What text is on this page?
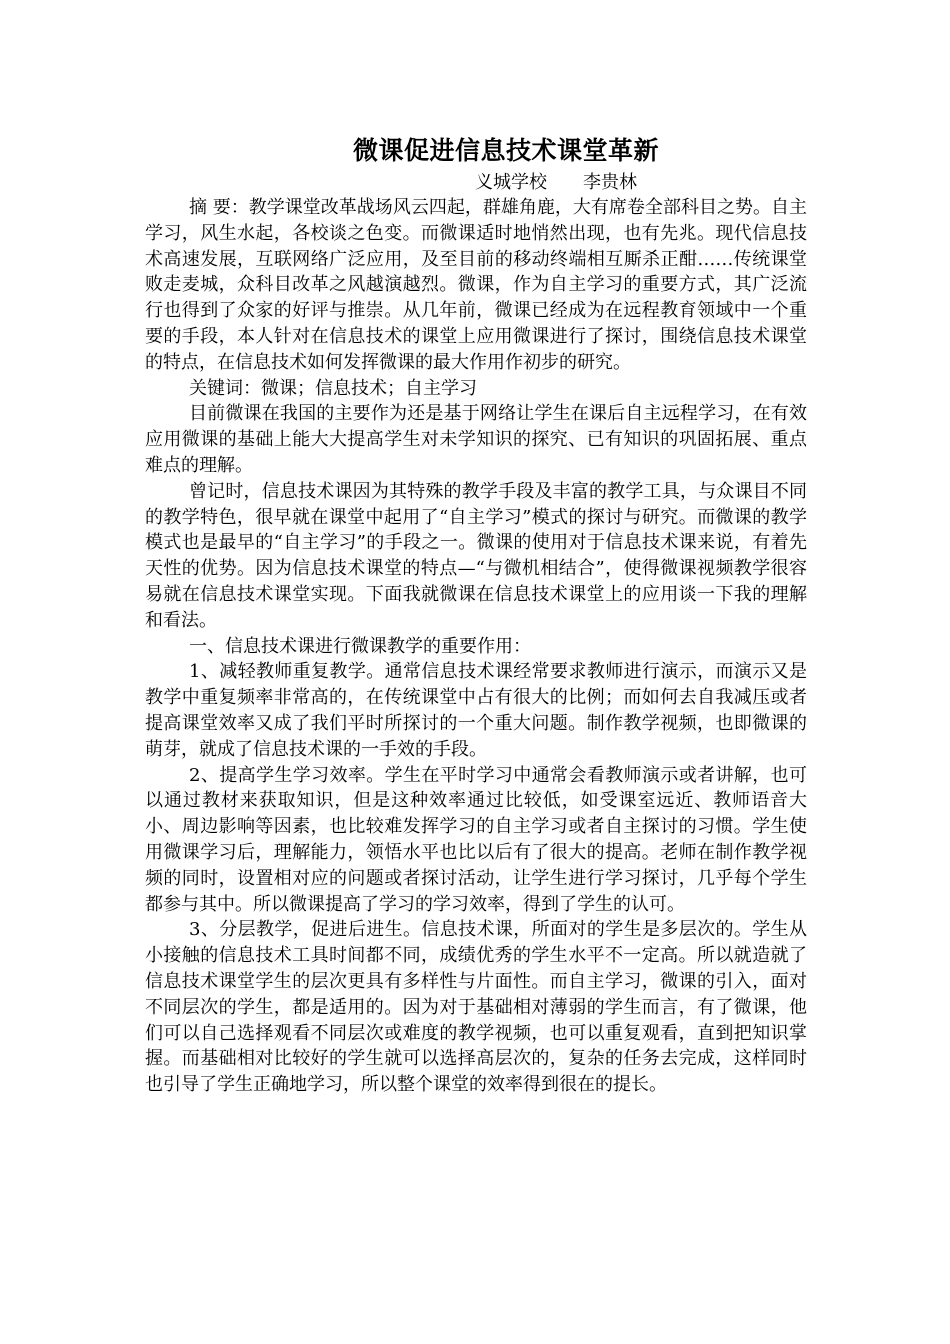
微课促进信息技术课堂革新
义城学校 李贵林

摘 要：教学课堂改革战场风云四起，群雄角鹿，大有席卷全部科目之势。自主学习，风生水起，各校谈之色变。而微课适时地悄然出现，也有先兆。现代信息技术高速发展，互联网络广泛应用，及至目前的移动终端相互厮杀正酣……传统课堂败走麦城，众科目改革之风越演越烈。微课，作为自主学习的重要方式，其广泛流行也得到了众家的好评与推崇。从几年前，微课已经成为在远程教育领域中一个重要的手段，本人针对在信息技术的课堂上应用微课进行了探讨，围绕信息技术课堂的特点，在信息技术如何发挥微课的最大作用作初步的研究。

关键词：微课；信息技术；自主学习

目前微课在我国的主要作为还是基于网络让学生在课后自主远程学习，在有效应用微课的基础上能大大提高学生对未学知识的探究、已有知识的巩固拓展、重点难点的理解。

曾记时，信息技术课因为其特殊的教学手段及丰富的教学工具，与众课目不同的教学特色，很早就在课堂中起用了“自主学习”模式的探讨与研究。而微课的教学模式也是最早的“自主学习”的手段之一。微课的使用对于信息技术课来说，有着先天性的优势。因为信息技术课堂的特点—“与微机相结合”，使得微课视频教学很容易就在信息技术课堂实现。下面我就微课在信息技术课堂上的应用谈一下我的理解和看法。

一、信息技术课进行微课教学的重要作用：

1、减轻教师重复教学。通常信息技术课经常要求教师进行演示，而演示又是教学中重复频率非常高的，在传统课堂中占有很大的比例；而如何去自我减压或者提高课堂效率又成了我们平时所探讨的一个重大问题。制作教学视频，也即微课的萌芽，就成了信息技术课的一手效的手段。

2、提高学生学习效率。学生在平时学习中通常会看教师演示或者讲解，也可以通过教材来获取知识，但是这种效率通过比较低，如受课室远近、教师语音大小、周边影响等因素，也比较难发挥学习的自主学习或者自主探讨的习惯。学生使用微课学习后，理解能力，领悟水平也比以后有了很大的提高。老师在制作教学视频的同时，设置相对应的问题或者探讨活动，让学生进行学习探讨，几乎每个学生都参与其中。所以微课提高了学习的学习效率，得到了学生的认可。

3、分层教学，促进后进生。信息技术课，所面对的学生是多层次的。学生从小接触的信息技术工具时间都不同，成绩优秀的学生水平不一定高。所以就造就了信息技术课堂学生的层次更具有多样性与片面性。而自主学习，微课的引入，面对不同层次的学生，都是适用的。因为对于基础相对薄弱的学生而言，有了微课，他们可以自己选择观看不同层次或难度的教学视频，也可以重复观看，直到把知识掌握。而基础相对比较好的学生就可以选择高层次的，复杂的任务去完成，这样同时也引导了学生正确地学习，所以整个课堂的效率得到很在的提长。
